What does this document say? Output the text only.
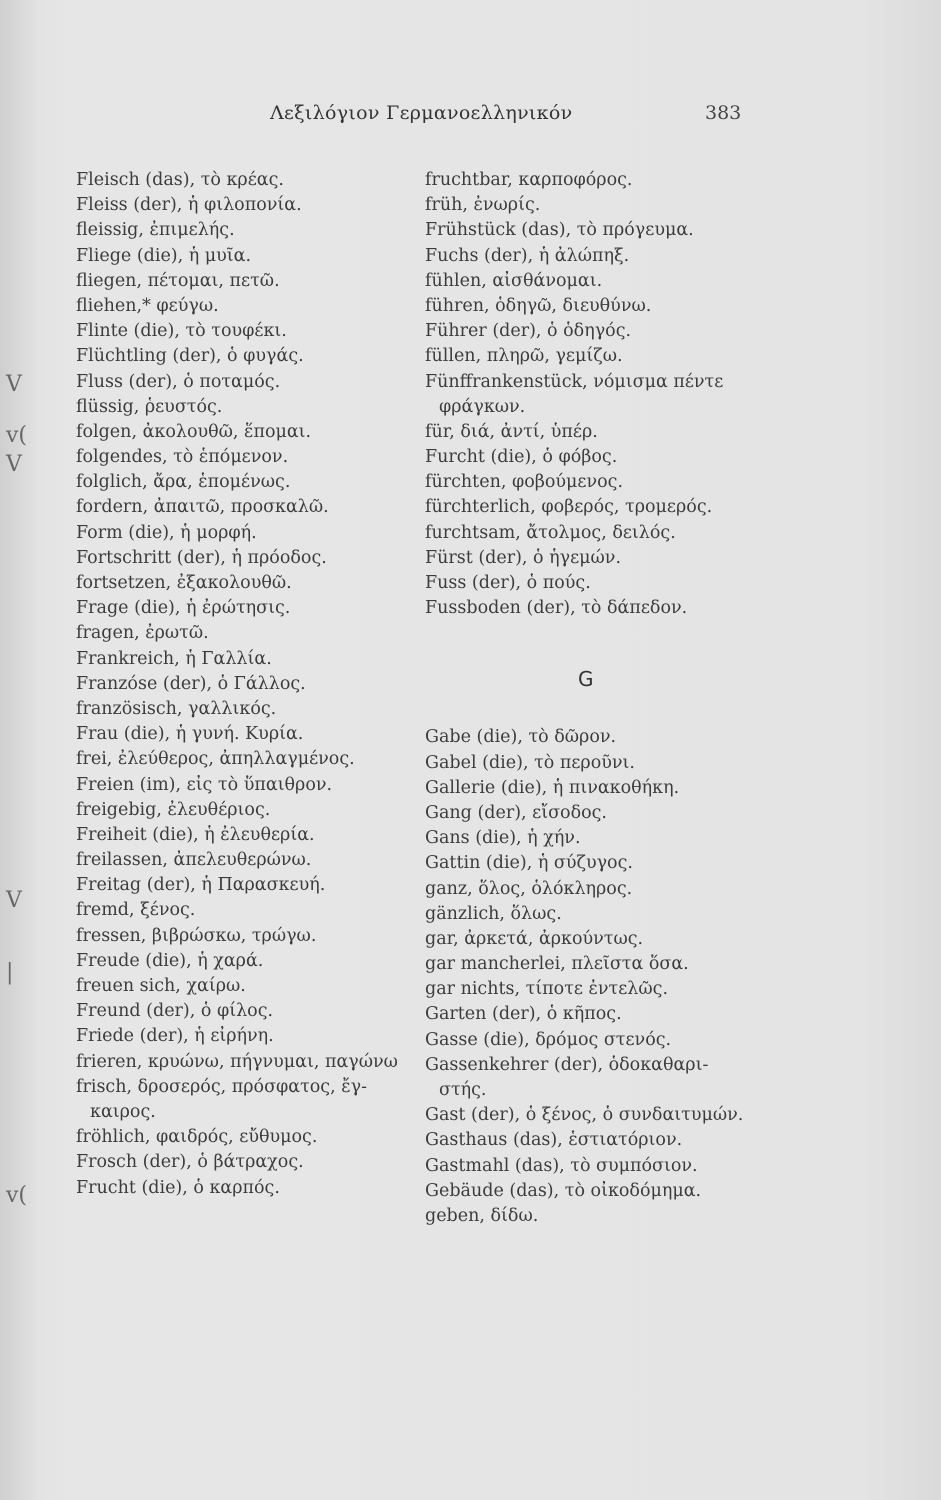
V
v(
V
V
|
v(
Λεξιλόγιον Γερμανοελληνικόν	383
Fleisch (das), τὸ κρέας.
Fleiss (der), ἡ φιλοπονία.
fleissig, ἐπιμελής.
Fliege (die), ἡ μυῖα.
fliegen, πέτομαι, πετῶ.
fliehen,* φεύγω.
Flinte (die), τὸ τουφέκι.
Flüchtling (der), ὁ φυγάς.
Fluss (der), ὁ ποταμός.
flüssig, ῥευστός.
folgen, ἀκολουθῶ, ἕπομαι.
folgendes, τὸ ἑπόμενον.
folglich, ἄρα, ἑπομένως.
fordern, ἀπαιτῶ, προσκαλῶ.
Form (die), ἡ μορφή.
Fortschritt (der), ἡ πρόοδος.
fortsetzen, ἐξακολουθῶ.
Frage (die), ἡ ἐρώτησις.
fragen, ἐρωτῶ.
Frankreich, ἡ Γαλλία.
Franzóse (der), ὁ Γάλλος.
französisch, γαλλικός.
Frau (die), ἡ γυνή. Κυρία.
frei, ἐλεύθερος, ἀπηλλαγμένος.
Freien (im), εἰς τὸ ὕπαιθρον.
freigebig, ἐλευθέριος.
Freiheit (die), ἡ ἐλευθερία.
freilassen, ἀπελευθερώνω.
Freitag (der), ἡ Παρασκευή.
fremd, ξένος.
fressen, βιβρώσκω, τρώγω.
Freude (die), ἡ χαρά.
freuen sich, χαίρω.
Freund (der), ὁ φίλος.
Friede (der), ἡ εἰρήνη.
frieren, κρυώνω, πήγνυμαι, παγώνω
frisch, δροσερός, πρόσφατος, ἔγ-
καιρος.
fröhlich, φαιδρός, εὔθυμος.
Frosch (der), ὁ βάτραχος.
Frucht (die), ὁ καρπός.
fruchtbar, καρποφόρος.
früh, ἐνωρίς.
Frühstück (das), τὸ πρόγευμα.
Fuchs (der), ἡ ἀλώπηξ.
fühlen, αἰσθάνομαι.
führen, ὁδηγῶ, διευθύνω.
Führer (der), ὁ ὁδηγός.
füllen, πληρῶ, γεμίζω.
Fünffrankenstück, νόμισμα πέντε
φράγκων.
für, διά, ἀντί, ὑπέρ.
Furcht (die), ὁ φόβος.
fürchten, φοβούμενος.
fürchterlich, φοβερός, τρομερός.
furchtsam, ἄτολμος, δειλός.
Fürst (der), ὁ ἡγεμών.
Fuss (der), ὁ πούς.
Fussboden (der), τὸ δάπεδον.
G
Gabe (die), τὸ δῶρον.
Gabel (die), τὸ περοῦνι.
Gallerie (die), ἡ πινακοθήκη.
Gang (der), εἴσοδος.
Gans (die), ἡ χήν.
Gattin (die), ἡ σύζυγος.
ganz, ὅλος, ὁλόκληρος.
gänzlich, ὅλως.
gar, ἀρκετά, ἀρκούντως.
gar mancherlei, πλεῖστα ὅσα.
gar nichts, τίποτε ἐντελῶς.
Garten (der), ὁ κῆπος.
Gasse (die), δρόμος στενός.
Gassenkehrer (der), ὁδοκαθαρι-
στής.
Gast (der), ὁ ξένος, ὁ συνδαιτυμών.
Gasthaus (das), ἑστιατόριον.
Gastmahl (das), τὸ συμπόσιον.
Gebäude (das), τὸ οἰκοδόμημα.
geben, δίδω.
